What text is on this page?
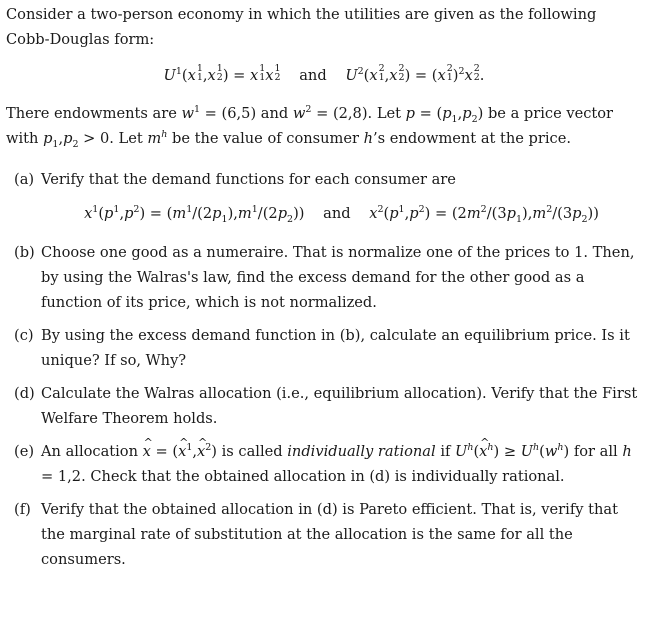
Consider a two-person economy in which the utilities are given as the following Cobb-Douglas form:

$U^1(x$ 1
1 ,x 1
2 ) = x 1
1 x 1
2 and $U^2(x$ 2
1 ,x 2
2 ) = (x 2
1 )$^2$x 2
2 .

There endowments are $w^1 = (6,5)$ and $w^2 = (2,8)$. Let $p = (p_1,p_2)$ be a price vector with $p_1,p_2 > 0$. Let $m^h$ be the value of consumer h’s endowment at the price.

(a) Verify that the demand functions for each consumer are
$x^1(p^1,p^2) = (m^1/(2p_1),m^1/(2p_2))$ and $x^2(p^1,p^2) = (2m^2/(3p_1),m^2/(3p_2))$
(b) Choose one good as a numeraire. That is normalize one of the prices to 1. Then, by using the Walras's law, find the excess demand for the other good as a function of its price, which is not normalized.
(c) By using the excess demand function in (b), calculate an equilibrium price. Is it unique? If so, Why?
(d) Calculate the Walras allocation (i.e., equilibrium allocation). Verify that the First Welfare Theorem holds.
(e) An allocation ^ x = (^ $x^1,\^{}$ $x^2$) is called individually rational if $U^h(\^{}$ $x^h) \ge U^h(w^h)$ for all h = 1,2. Check that the obtained allocation in (d) is individually rational.
(f) Verify that the obtained allocation in (d) is Pareto efficient. That is, verify that the marginal rate of substitution at the allocation is the same for all the consumers.
